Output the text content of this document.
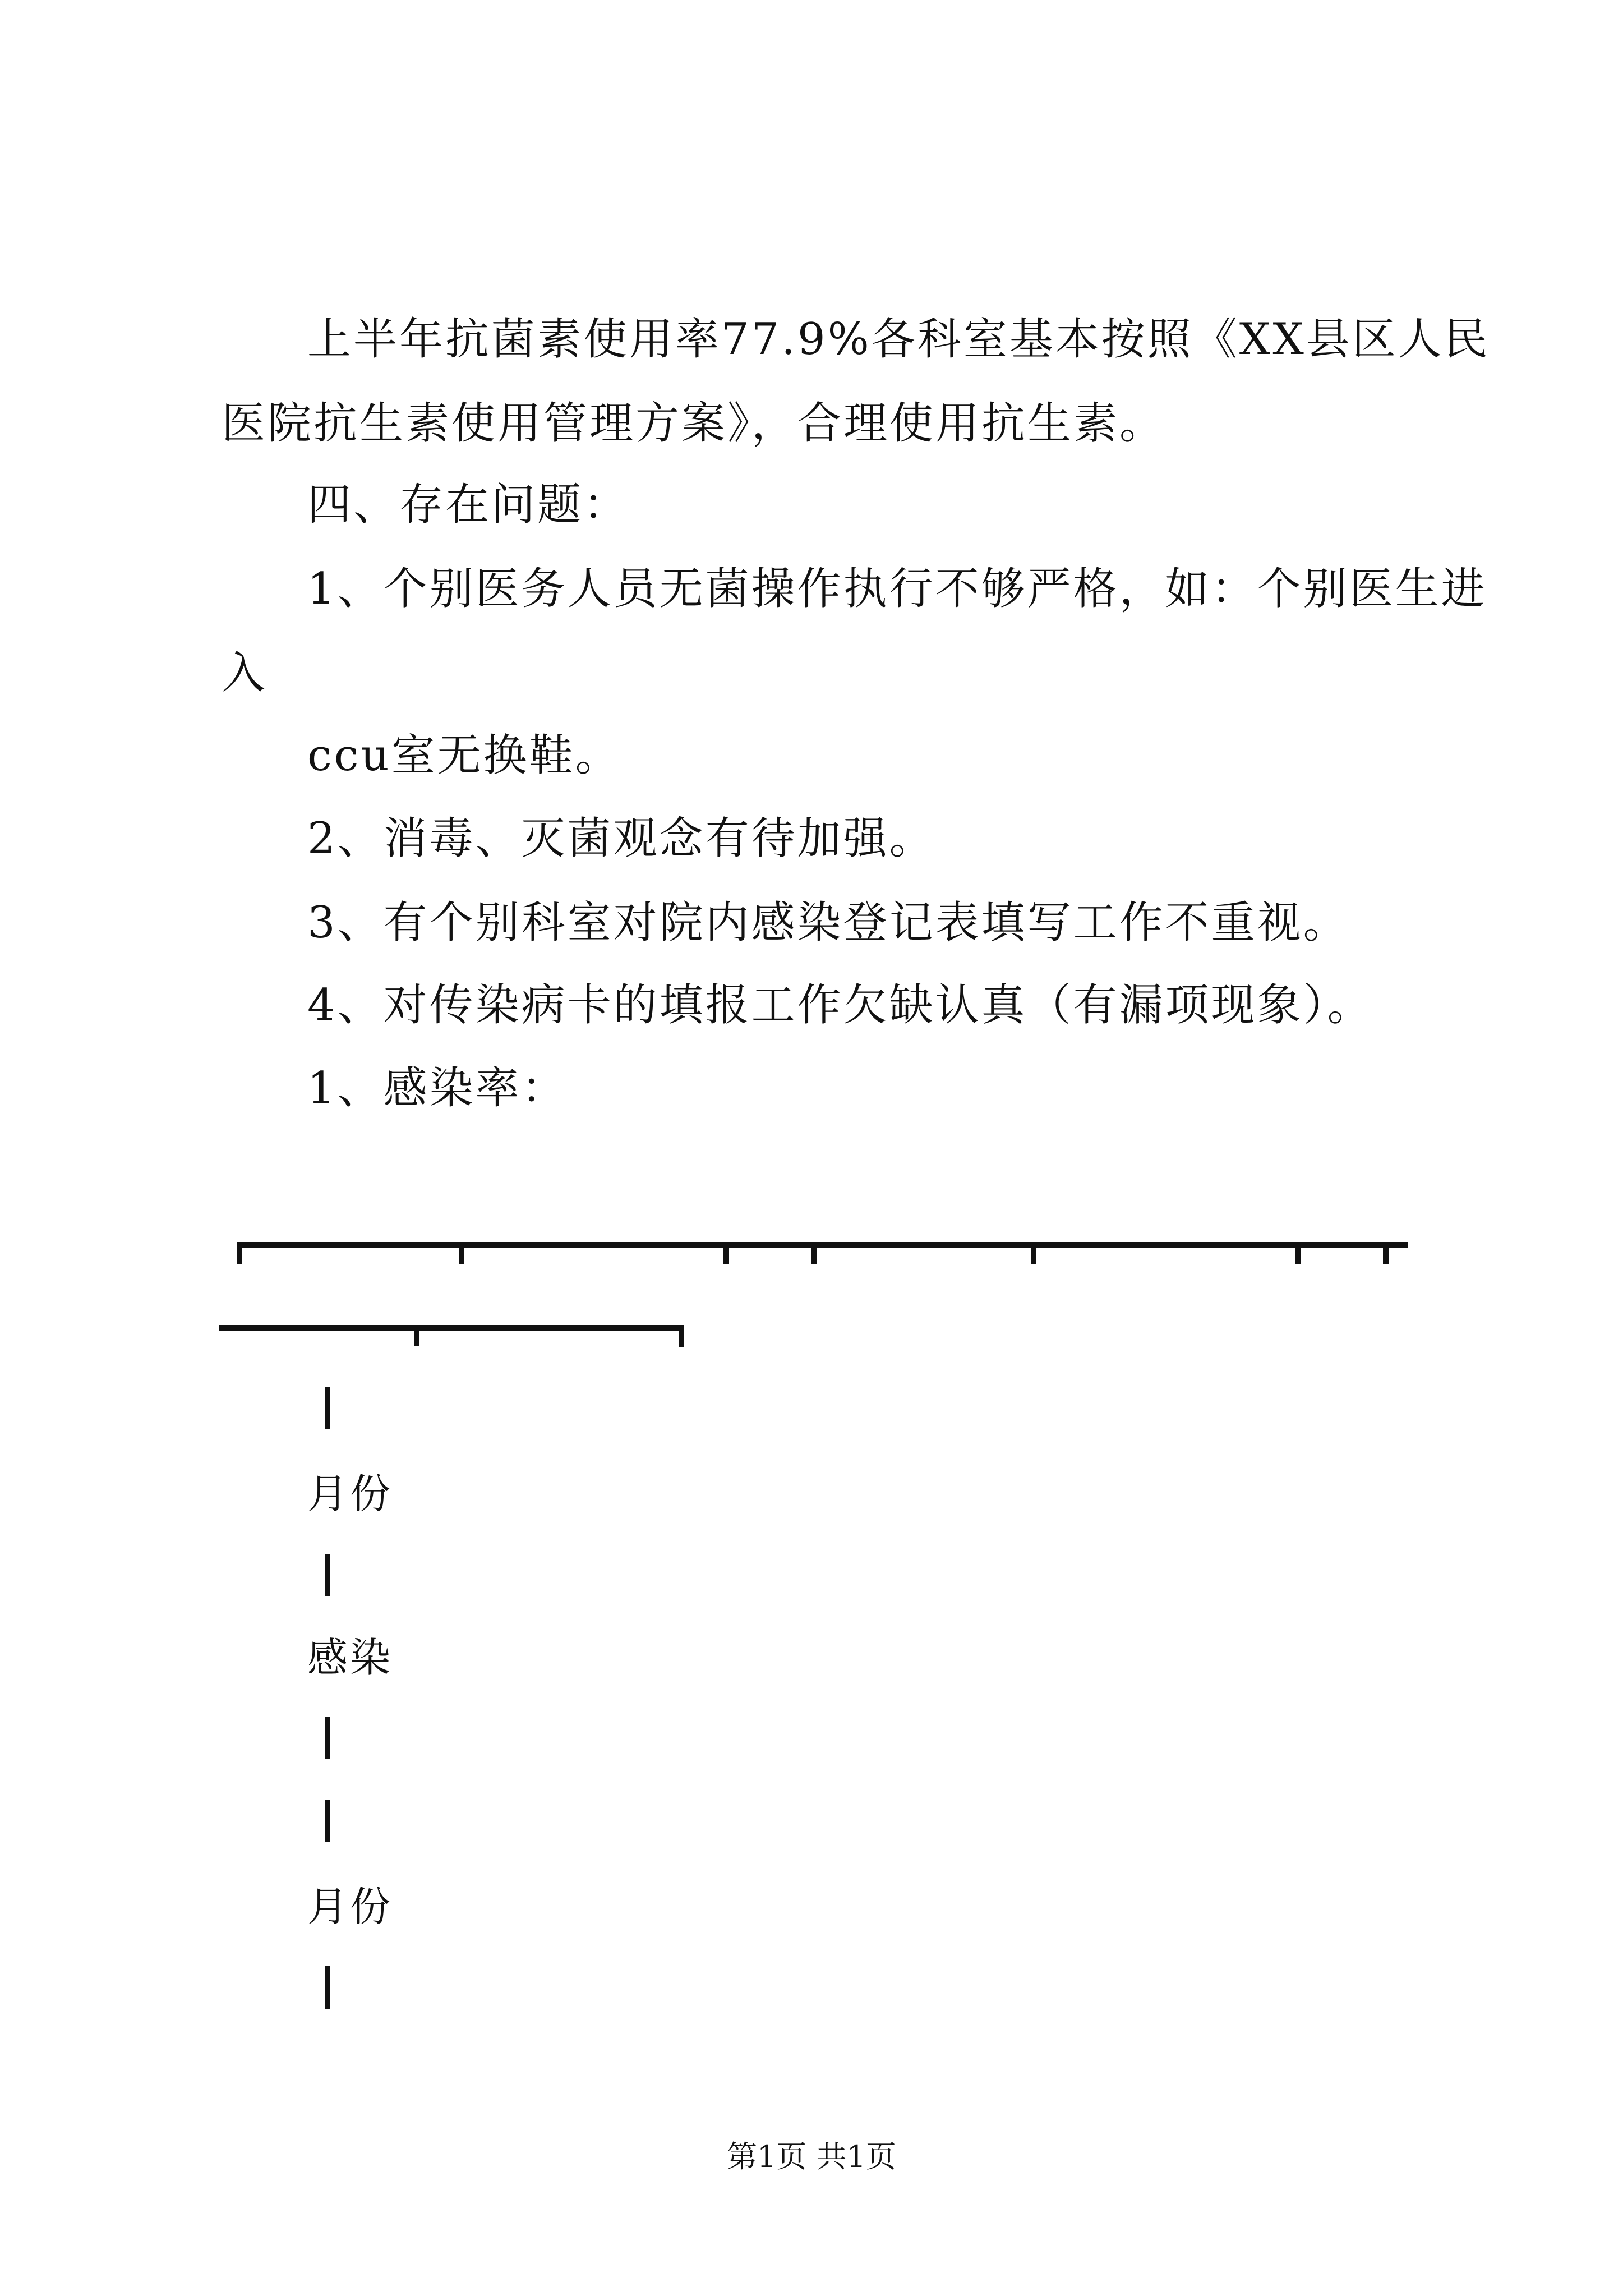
上半年抗菌素使用率77.9%各科室基本按照《XX县区人民
医院抗生素使用管理方案》，合理使用抗生素。
四、存在问题：
1、个别医务人员无菌操作执行不够严格，如：个别医生进
入
ccu室无换鞋。
2、消毒、灭菌观念有待加强。
3、有个别科室对院内感染登记表填写工作不重视。
4、对传染病卡的填报工作欠缺认真（有漏项现象）。
1、感染率：
月份
感染
月份
第1页 共1页
